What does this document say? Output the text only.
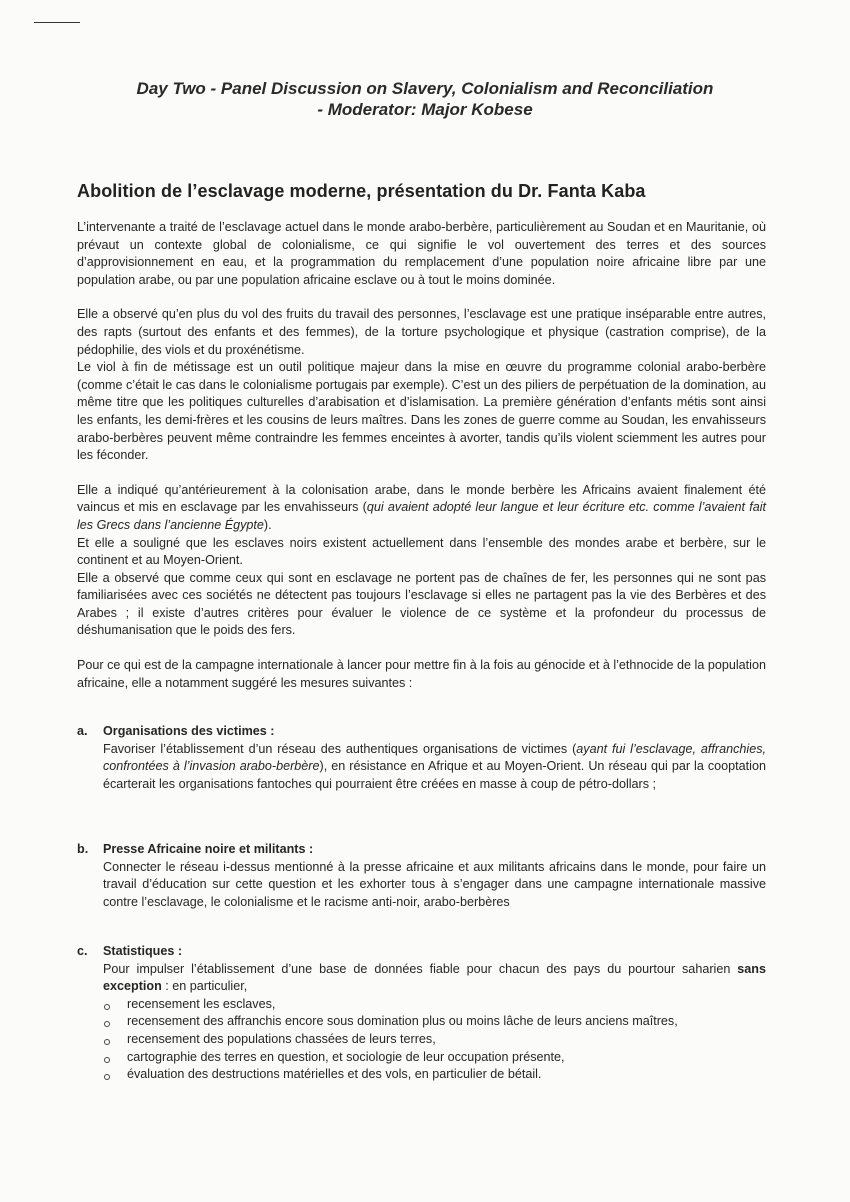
Day Two - Panel Discussion on Slavery, Colonialism and Reconciliation
- Moderator: Major Kobese
Abolition de l’esclavage moderne, présentation du Dr. Fanta Kaba

L’intervenante a traité de l’esclavage actuel dans le monde arabo-berbère, particulièrement au Soudan et en Mauritanie, où prévaut un contexte global de colonialisme, ce qui signifie le vol ouvertement des terres et des sources d’approvisionnement en eau, et la programmation du remplacement d’une population noire africaine libre par une population arabe, ou par une population africaine esclave ou à tout le moins dominée.

Elle a observé qu’en plus du vol des fruits du travail des personnes, l’esclavage est une pratique inséparable entre autres, des rapts (surtout des enfants et des femmes), de la torture psychologique et physique (castration comprise), de la pédophilie, des viols et du proxénétisme.

Le viol à fin de métissage est un outil politique majeur dans la mise en œuvre du programme colonial arabo-berbère (comme c’était le cas dans le colonialisme portugais par exemple). C’est un des piliers de perpétuation de la domination, au même titre que les politiques culturelles d’arabisation et d’islamisation. La première génération d’enfants métis sont ainsi les enfants, les demi-frères et les cousins de leurs maîtres. Dans les zones de guerre comme au Soudan, les envahisseurs arabo-berbères peuvent même contraindre les femmes enceintes à avorter, tandis qu’ils violent sciemment les autres pour les féconder.

Elle a indiqué qu’antérieurement à la colonisation arabe, dans le monde berbère les Africains avaient finalement été vaincus et mis en esclavage par les envahisseurs (qui avaient adopté leur langue et leur écriture etc. comme l’avaient fait les Grecs dans l’ancienne Égypte).

Et elle a souligné que les esclaves noirs existent actuellement dans l’ensemble des mondes arabe et berbère, sur le continent et au Moyen-Orient.

Elle a observé que comme ceux qui sont en esclavage ne portent pas de chaînes de fer, les personnes qui ne sont pas familiarisées avec ces sociétés ne détectent pas toujours l’esclavage si elles ne partagent pas la vie des Berbères et des Arabes ; il existe d’autres critères pour évaluer le violence de ce système et la profondeur du processus de déshumanisation que le poids des fers.

Pour ce qui est de la campagne internationale à lancer pour mettre fin à la fois au génocide et à l’ethnocide de la population africaine, elle a notamment suggéré les mesures suivantes :

a. Organisations des victimes :
Favoriser l’établissement d’un réseau des authentiques organisations de victimes (ayant fui l’esclavage, affranchies, confrontées à l’invasion arabo-berbère), en résistance en Afrique et au Moyen-Orient. Un réseau qui par la cooptation écarterait les organisations fantoches qui pourraient être créées en masse à coup de pétro-dollars ;
b. Presse Africaine noire et militants :
Connecter le réseau i-dessus mentionné à la presse africaine et aux militants africains dans le monde, pour faire un travail d’éducation sur cette question et les exhorter tous à s’engager dans une campagne internationale massive contre l’esclavage, le colonialisme et le racisme anti-noir, arabo-berbères
c. Statistiques :
Pour impulser l’établissement d’une base de données fiable pour chacun des pays du pourtour saharien sans exception : en particulier,
recensement les esclaves,
recensement des affranchis encore sous domination plus ou moins lâche de leurs anciens maîtres,
recensement des populations chassées de leurs terres,
cartographie des terres en question, et sociologie de leur occupation présente,
évaluation des destructions matérielles et des vols, en particulier de bétail.
